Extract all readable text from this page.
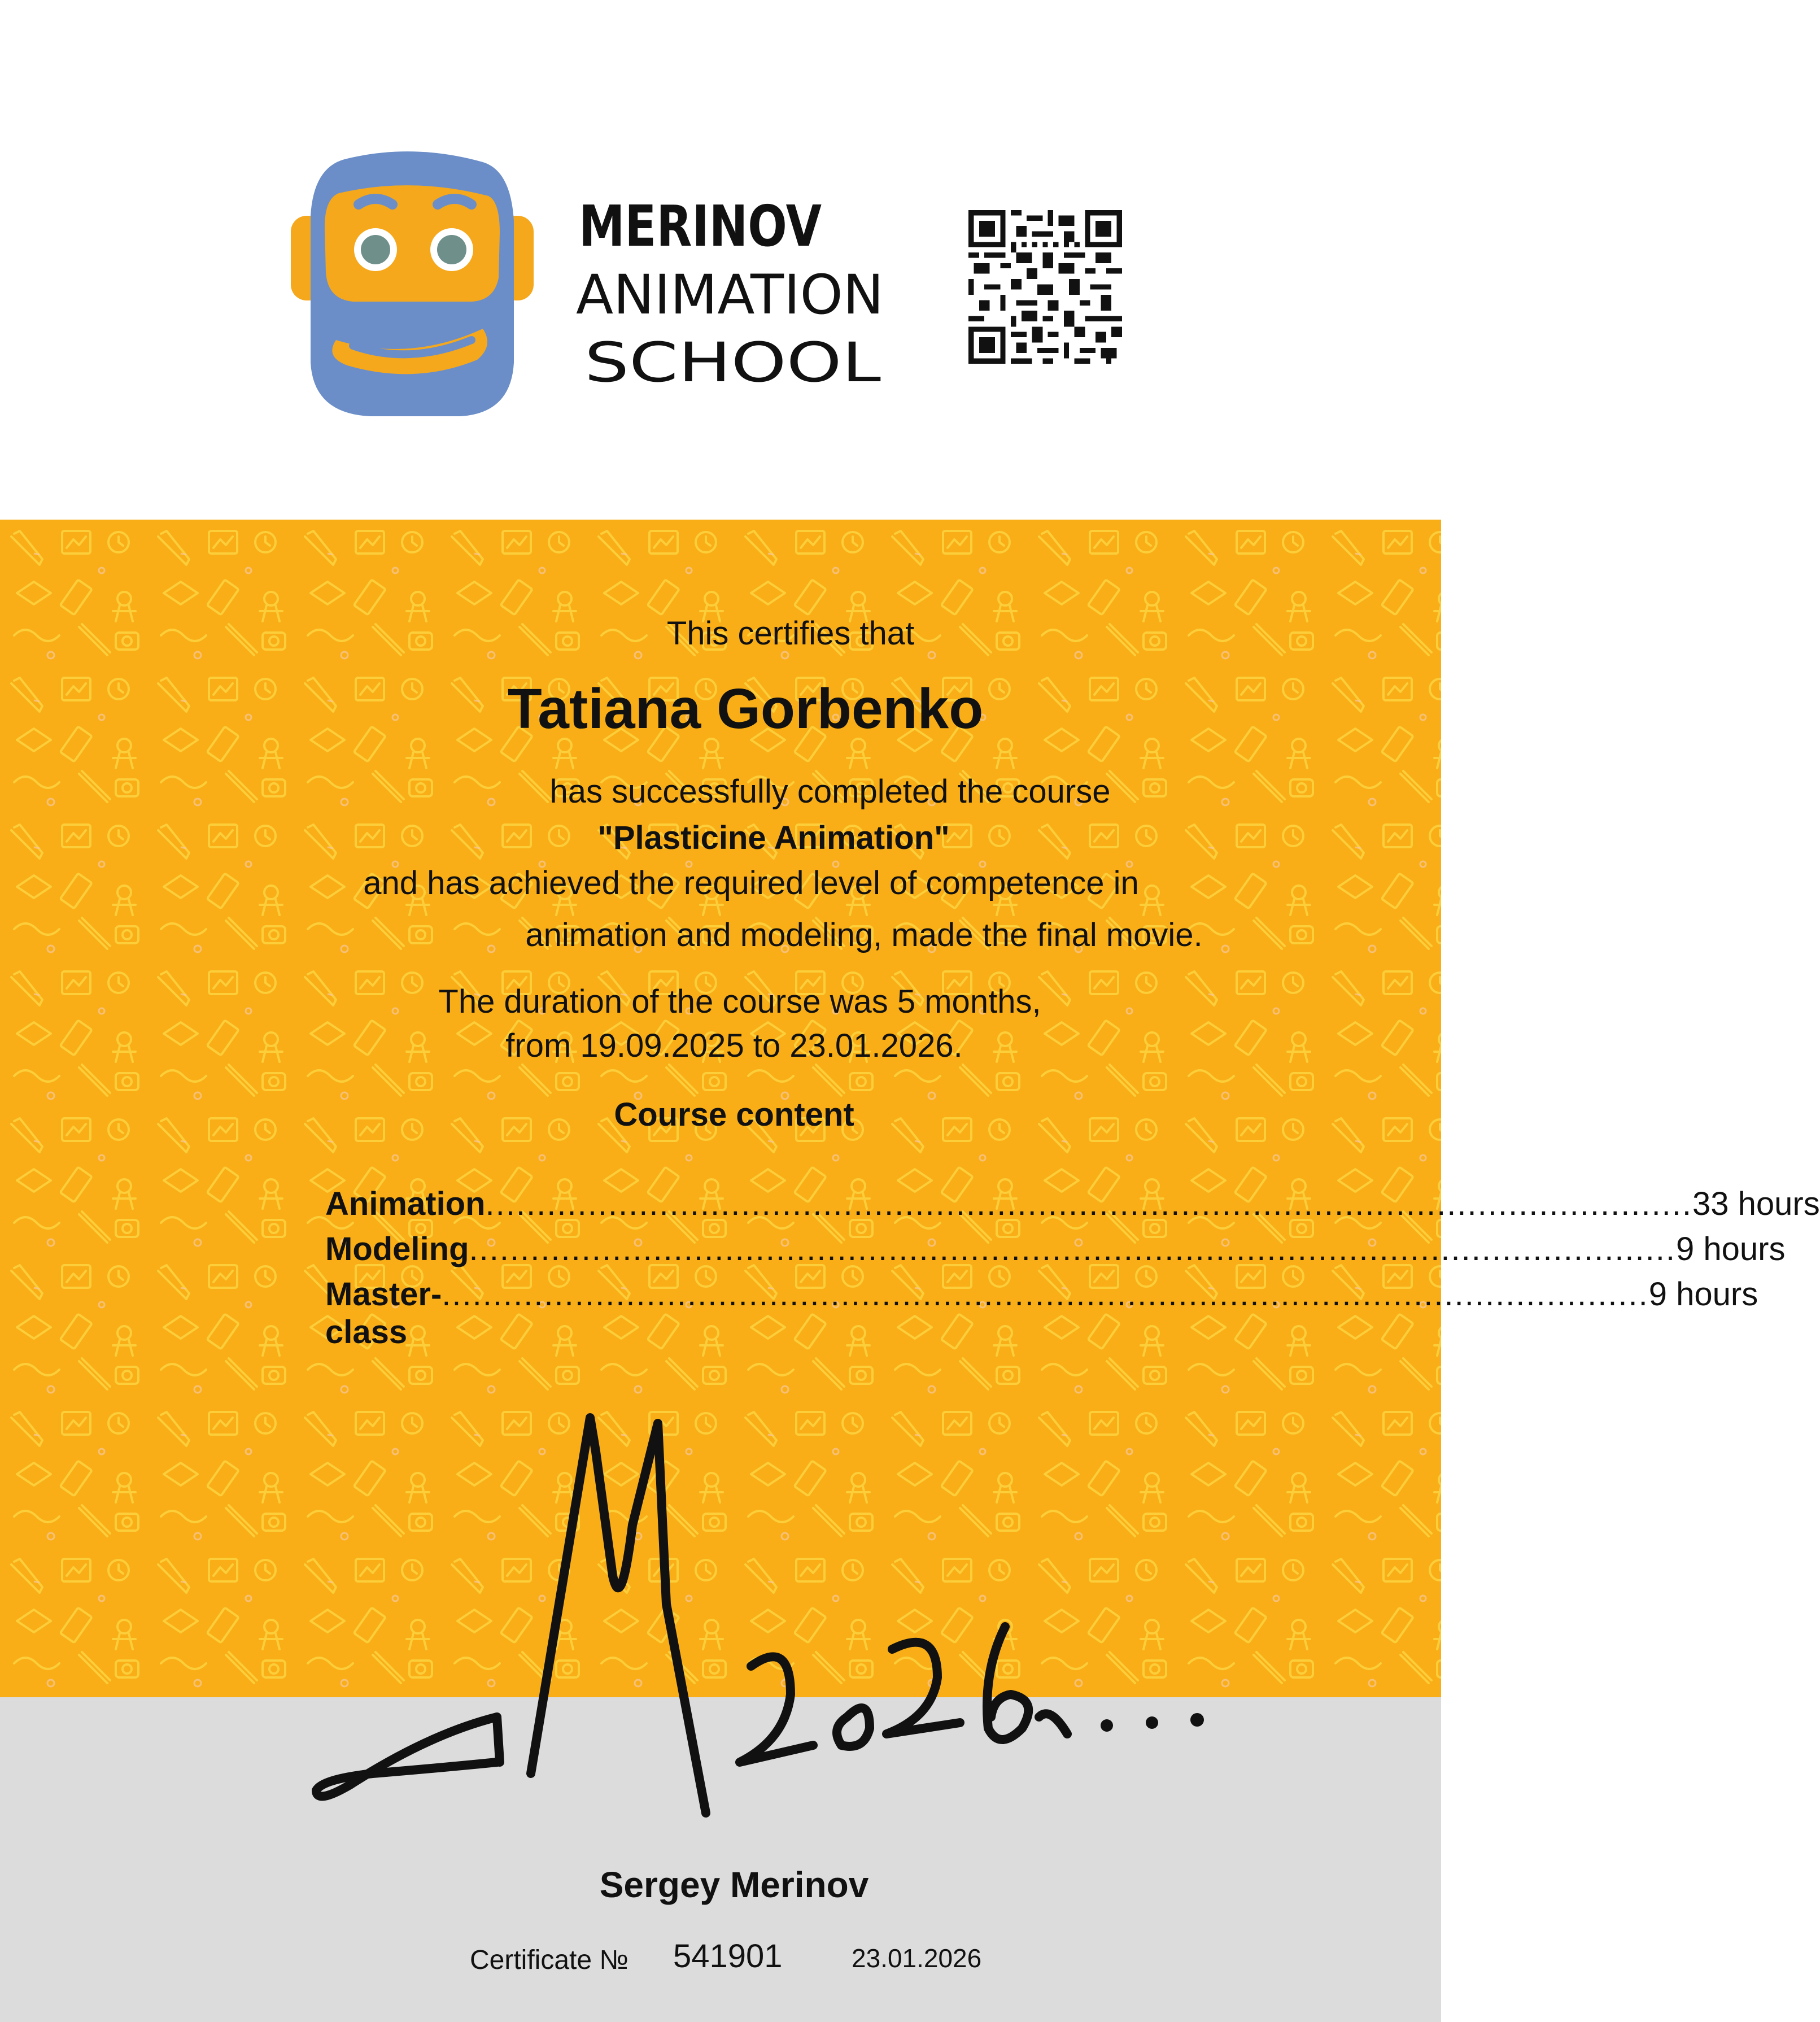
MERINOV
ANIMATION
SCHOOL
This certifies that
Tatiana Gorbenko
has successfully completed the course
"Plasticine Animation"
and has achieved the required level of competence in
animation and modeling, made the final movie.
The duration of the course was 5 months,
from 19.09.2025 to 23.01.2026.
Course content
Animation ...................................................................................................................... 33 hours
Modeling ...................................................................................................................... 9 hours
Master-class
...................................................................................................................... 9 hours
M2026...
Sergey Merinov
Certificate № 541901	23.01.2026
